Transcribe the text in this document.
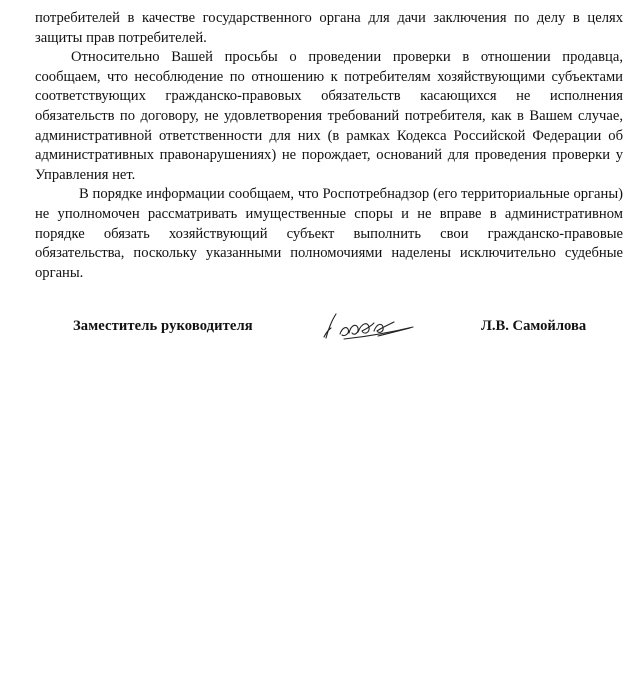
потребителей в качестве государственного органа для дачи заключения по делу в целях защиты прав потребителей.

Относительно Вашей просьбы о проведении проверки в отношении продавца, сообщаем, что несоблюдение по отношению к потребителям хозяйствующими субъектами соответствующих гражданско-правовых обязательств касающихся не исполнения обязательств по договору, не удовлетворения требований потребителя, как в Вашем случае, административной ответственности для них (в рамках Кодекса Российской Федерации об административных правонарушениях) не порождает, оснований для проведения проверки у Управления нет.

В порядке информации сообщаем, что Роспотребнадзор (его территориальные органы) не уполномочен рассматривать имущественные споры и не вправе в административном порядке обязать хозяйствующий субъект выполнить свои гражданско-правовые обязательства, поскольку указанными полномочиями наделены исключительно судебные органы.

Заместитель руководителя	Л.В. Самойлова
